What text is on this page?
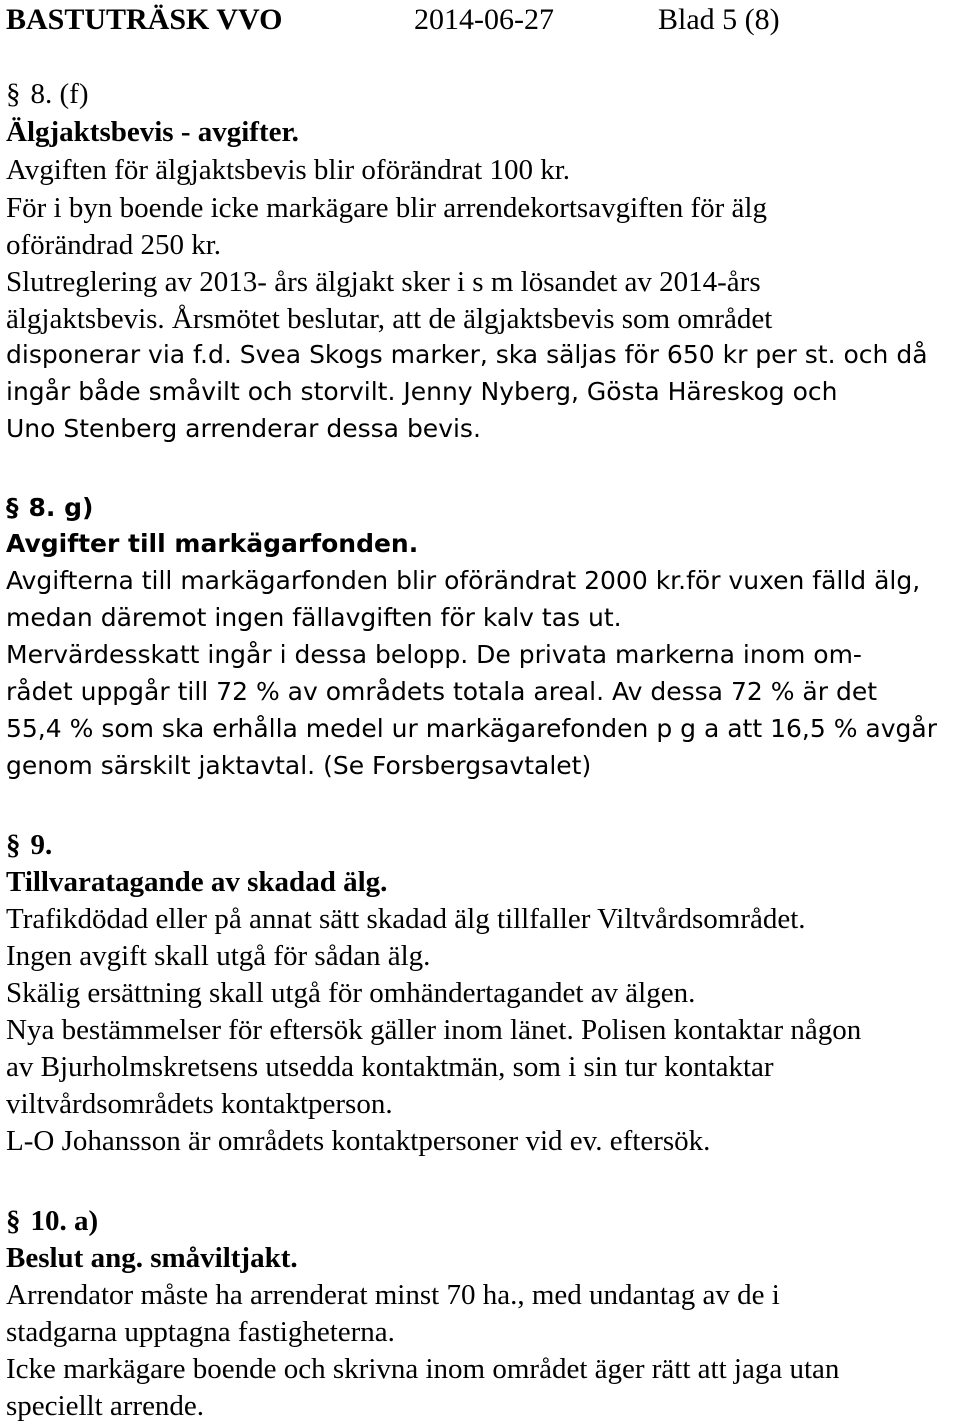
BASTUTRÄSK VVO	2014-06-27	Blad 5 (8)
§ 8. (f)
Älgjaktsbevis - avgifter.
Avgiften för älgjaktsbevis blir oförändrat 100 kr.
För i byn boende icke markägare blir arrendekortsavgiften för älg
oförändrad 250 kr.
Slutreglering av 2013- års älgjakt sker i s m lösandet av 2014-års
älgjaktsbevis. Årsmötet beslutar, att de älgjaktsbevis som området
disponerar via f.d. Svea Skogs marker, ska säljas för 650 kr per st. och då
ingår både småvilt och storvilt. Jenny Nyberg, Gösta Häreskog och
Uno Stenberg arrenderar dessa bevis.
§ 8. g)
Avgifter till markägarfonden.
Avgifterna till markägarfonden blir oförändrat 2000 kr.för vuxen fälld älg,
medan däremot ingen fällavgiften för kalv tas ut.
Mervärdesskatt ingår i dessa belopp. De privata markerna inom om-
rådet uppgår till 72 % av områdets totala areal. Av dessa 72 % är det
55,4 % som ska erhålla medel ur markägarefonden p g a att 16,5 % avgår
genom särskilt jaktavtal. (Se Forsbergsavtalet)
§ 9.
Tillvaratagande av skadad älg.
Trafikdödad eller på annat sätt skadad älg tillfaller Viltvårdsområdet.
Ingen avgift skall utgå för sådan älg.
Skälig ersättning skall utgå för omhändertagandet av älgen.
Nya bestämmelser för eftersök gäller inom länet. Polisen kontaktar någon
av Bjurholmskretsens utsedda kontaktmän, som i sin tur kontaktar
viltvårdsområdets kontaktperson.
L-O Johansson är områdets kontaktpersoner vid ev. eftersök.
§ 10. a)
Beslut ang. småviltjakt.
Arrendator måste ha arrenderat minst 70 ha., med undantag av de i
stadgarna upptagna fastigheterna.
Icke markägare boende och skrivna inom området äger rätt att jaga utan
speciellt arrende.
